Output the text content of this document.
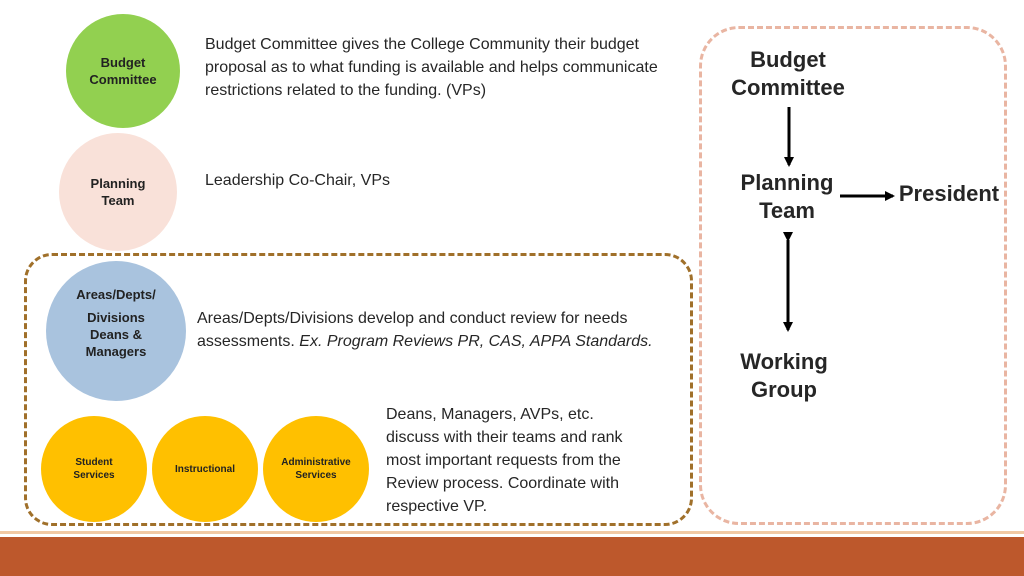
Budget
Committee
Planning
Team
Areas/Depts/
Divisions
Deans &
Managers
Student
Services
Instructional
Administrative
Services
Budget Committee gives the College Community their budget proposal as to what funding is available and helps communicate restrictions related to the funding. (VPs)
Leadership Co-Chair, VPs
Areas/Depts/Divisions develop and conduct review for needs assessments. Ex. Program Reviews PR, CAS, APPA Standards.
Deans, Managers, AVPs, etc. discuss with their teams and rank most important requests from the Review process. Coordinate with respective VP.
Budget
Committee
Planning
Team
President
Working
Group
